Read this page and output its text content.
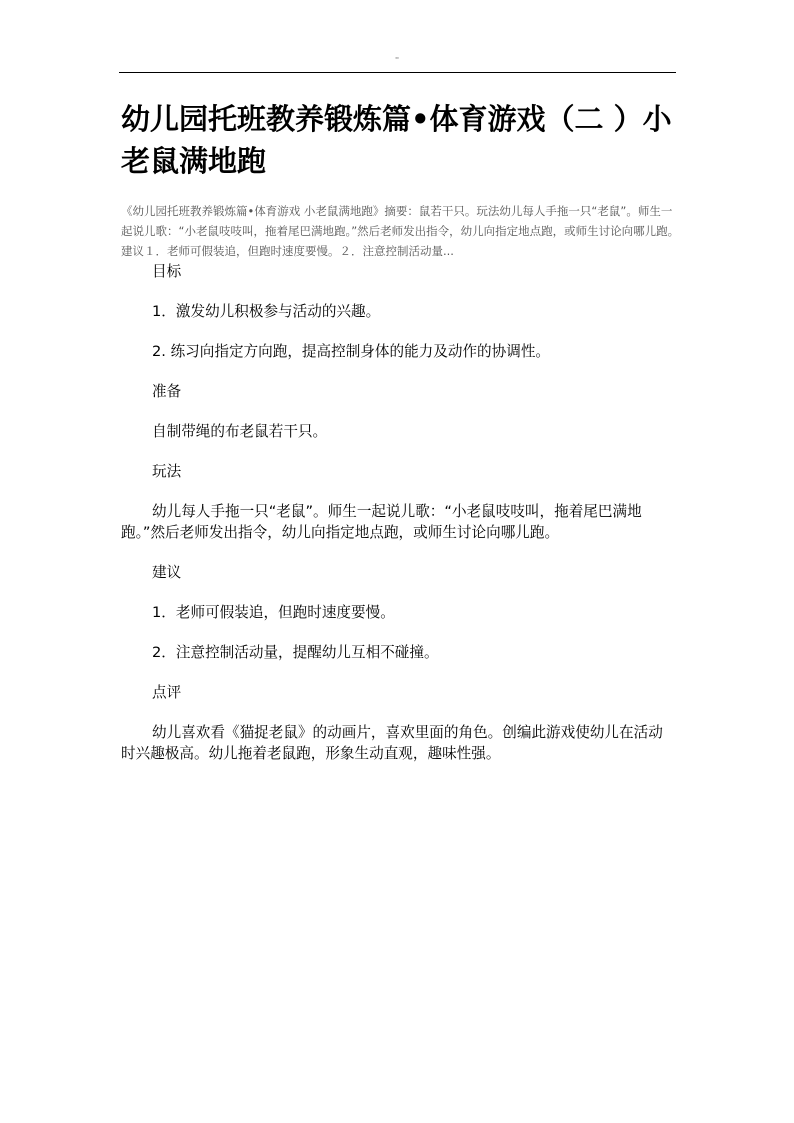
''
幼儿园托班教养锻炼篇•体育游戏（二 ）小老鼠满地跑

《幼儿园托班教养锻炼篇•体育游戏 小老鼠满地跑》摘要：鼠若干只。玩法幼儿每人手拖一只“老鼠”。师生一起说儿歌：“小老鼠吱吱叫，拖着尾巴满地跑。”然后老师发出指令，幼儿向指定地点跑，或师生讨论向哪儿跑。建议１．老师可假装追，但跑时速度要慢。２．注意控制活动量...

目标

1．激发幼儿积极参与活动的兴趣。

2. 练习向指定方向跑，提高控制身体的能力及动作的协调性。

准备

自制带绳的布老鼠若干只。

玩法

幼儿每人手拖一只“老鼠”。师生一起说儿歌：“小老鼠吱吱叫，拖着尾巴满地跑。”然后老师发出指令，幼儿向指定地点跑，或师生讨论向哪儿跑。

建议

1．老师可假装追，但跑时速度要慢。

2．注意控制活动量，提醒幼儿互相不碰撞。

点评

幼儿喜欢看《猫捉老鼠》的动画片，喜欢里面的角色。创编此游戏使幼儿在活动时兴趣极高。幼儿拖着老鼠跑，形象生动直观，趣味性强。
